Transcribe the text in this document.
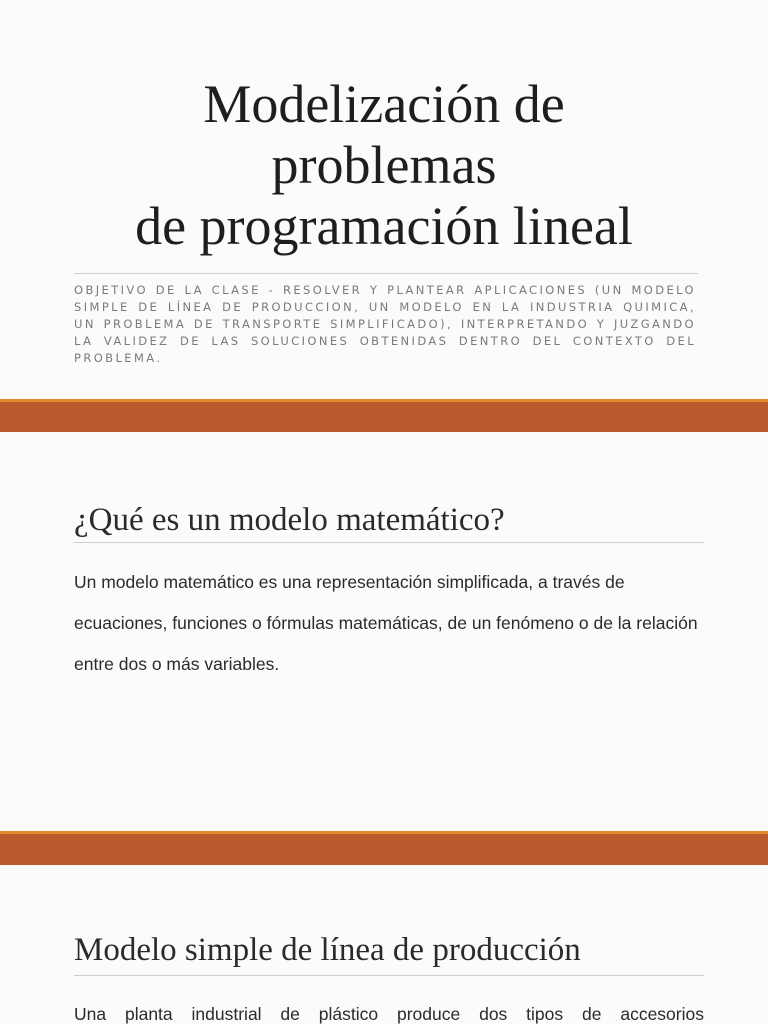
Modelización de
problemas
de programación lineal
OBJETIVO DE LA CLASE - RESOLVER Y PLANTEAR APLICACIONES (UN MODELO SIMPLE DE LÍNEA DE PRODUCCION, UN MODELO EN LA INDUSTRIA QUIMICA, UN PROBLEMA DE TRANSPORTE SIMPLIFICADO), INTERPRETANDO Y JUZGANDO LA VALIDEZ DE LAS SOLUCIONES OBTENIDAS DENTRO DEL CONTEXTO DEL PROBLEMA.
¿Qué es un modelo matemático?

Un modelo matemático es una representación simplificada, a través de ecuaciones, funciones o fórmulas matemáticas, de un fenómeno o de la relación entre dos o más variables.

Modelo simple de línea de producción

Una planta industrial de plástico produce dos tipos de accesorios
